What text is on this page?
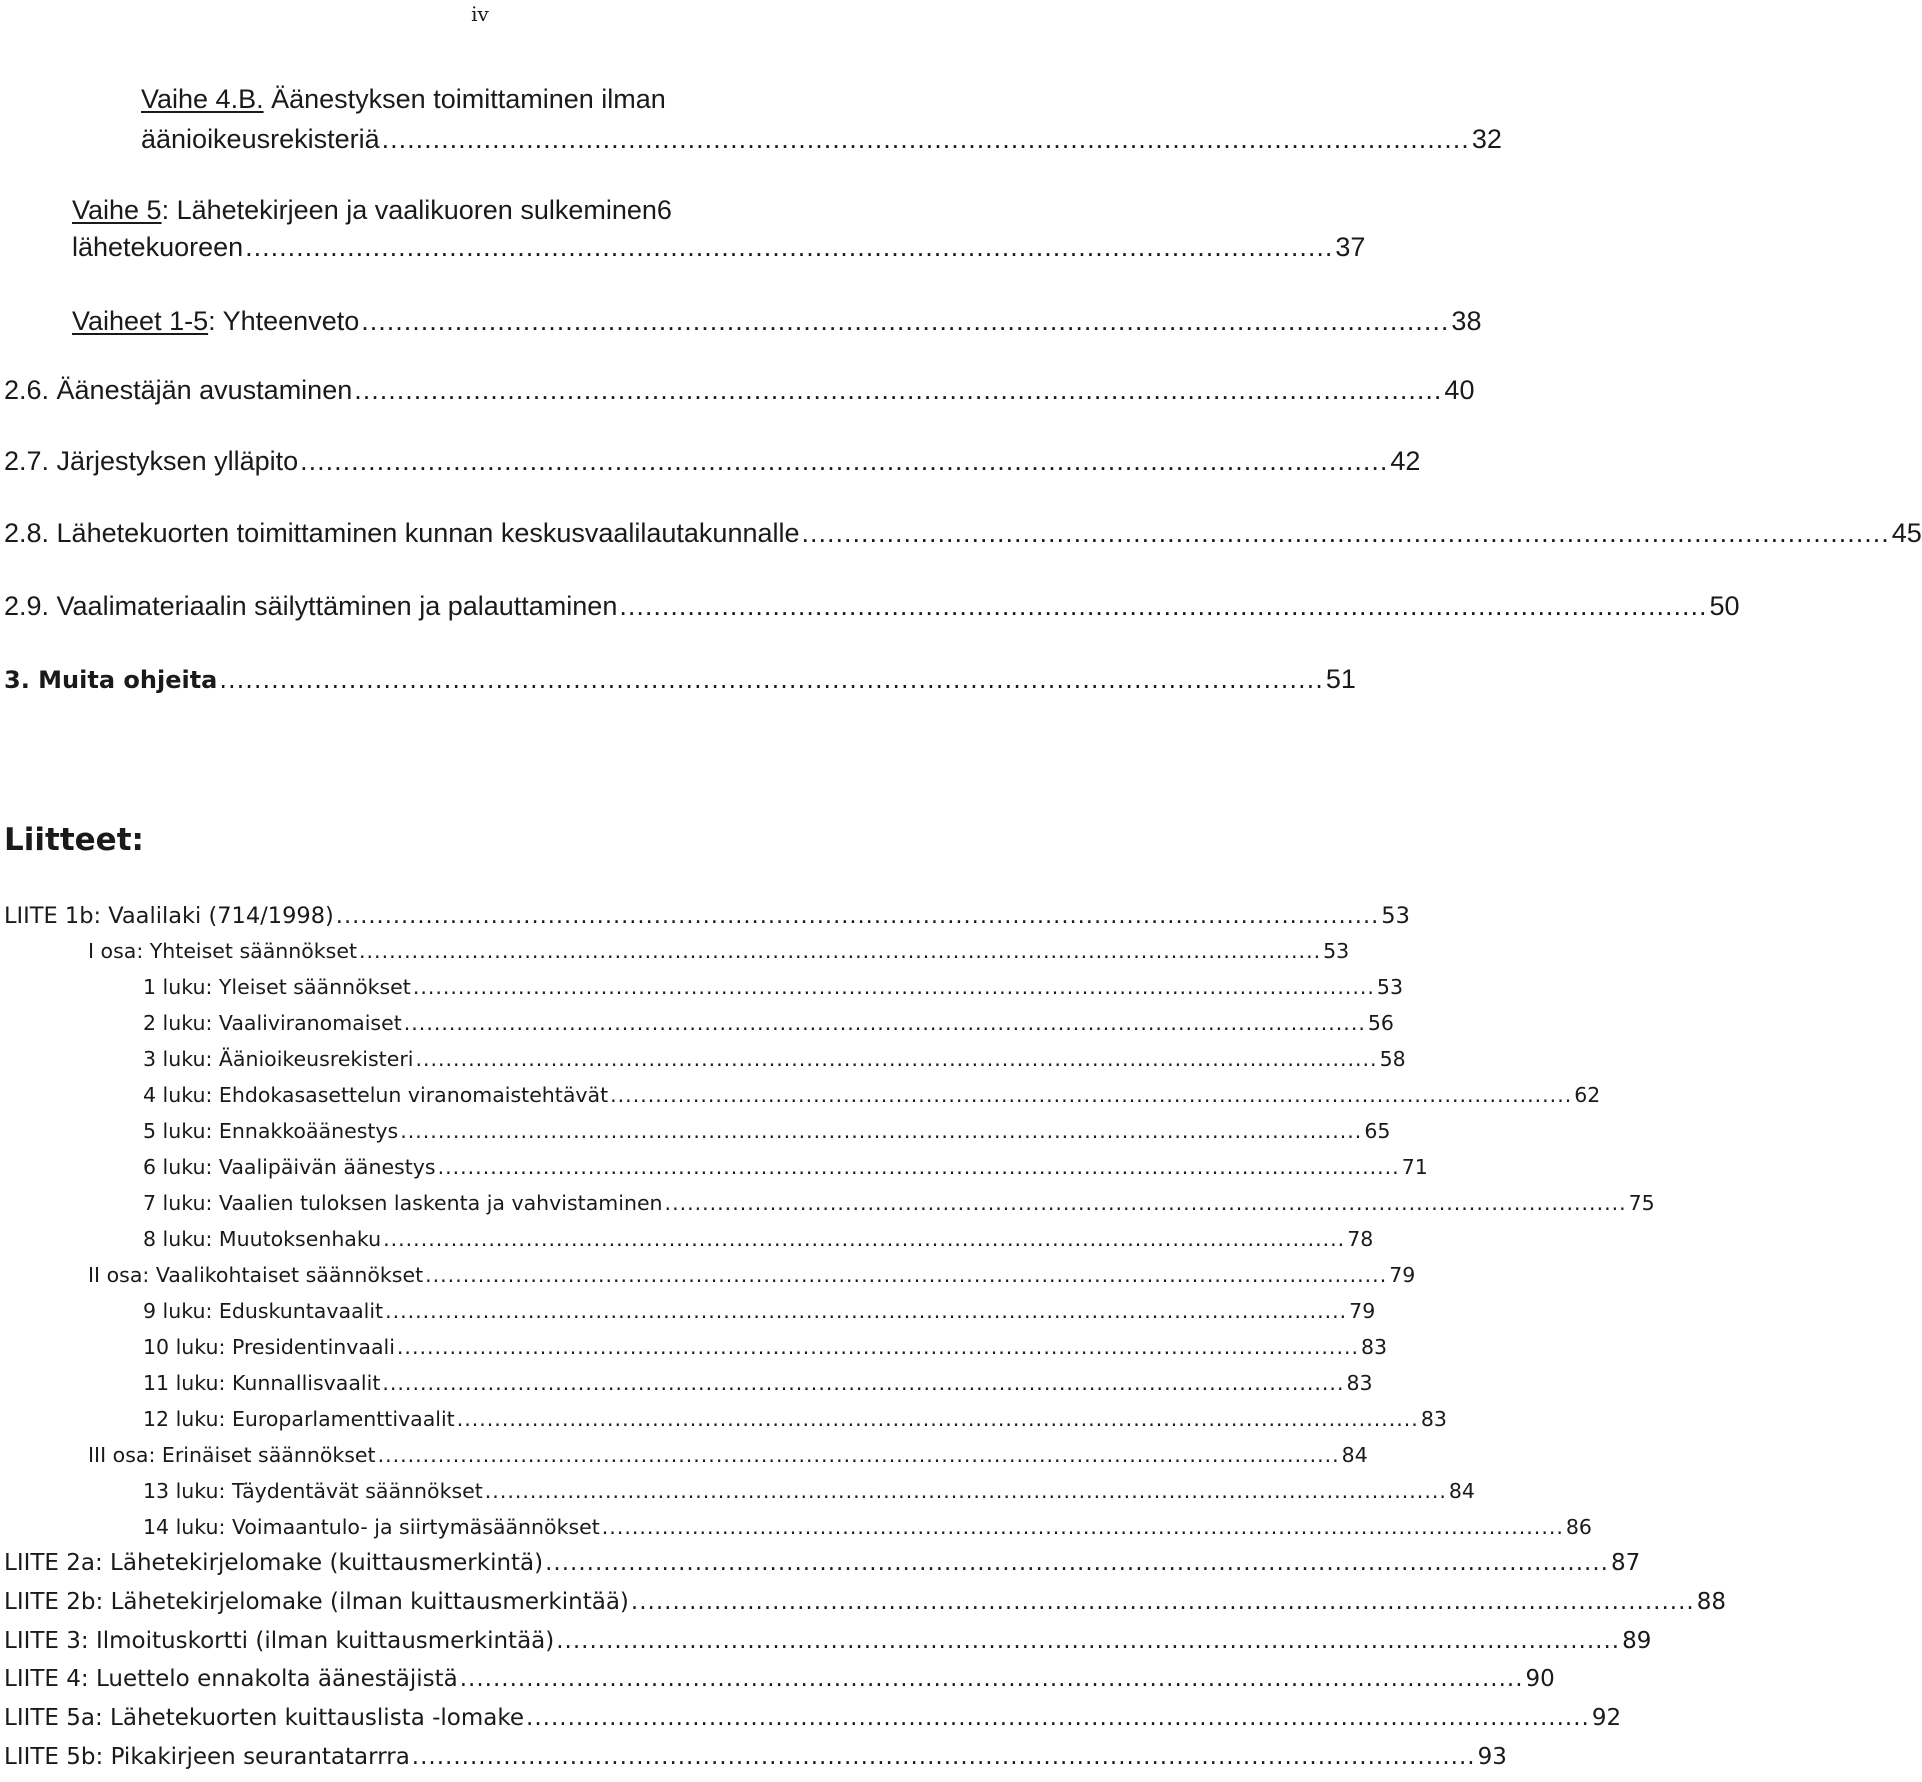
iv
Vaihe 4.B. Äänestyksen toimittaminen ilman
äänioikeusrekisteriä ................................................................................................................................ 32
Vaihe 5: Lähetekirjeen ja vaalikuoren sulkeminen6
lähetekuoreen ................................................................................................................................ 37
Vaiheet 1-5: Yhteenveto ................................................................................................................................ 38
2.6. Äänestäjän avustaminen ................................................................................................................................ 40
2.7. Järjestyksen ylläpito ................................................................................................................................ 42
2.8. Lähetekuorten toimittaminen kunnan keskusvaalilautakunnalle ................................................................................................................................ 45
2.9. Vaalimateriaalin säilyttäminen ja palauttaminen ................................................................................................................................ 50
3. Muita ohjeita ................................................................................................................................ 51
Liitteet:
LIITE 1b: Vaalilaki (714/1998) ................................................................................................................................ 53
I osa: Yhteiset säännökset ................................................................................................................................ 53
1 luku: Yleiset säännökset ................................................................................................................................ 53
2 luku: Vaaliviranomaiset ................................................................................................................................ 56
3 luku: Äänioikeusrekisteri ................................................................................................................................ 58
4 luku: Ehdokasasettelun viranomaistehtävät ................................................................................................................................ 62
5 luku: Ennakkoäänestys ................................................................................................................................ 65
6 luku: Vaalipäivän äänestys ................................................................................................................................ 71
7 luku: Vaalien tuloksen laskenta ja vahvistaminen ................................................................................................................................ 75
8 luku: Muutoksenhaku ................................................................................................................................ 78
II osa: Vaalikohtaiset säännökset ................................................................................................................................ 79
9 luku: Eduskuntavaalit ................................................................................................................................ 79
10 luku: Presidentinvaali ................................................................................................................................ 83
11 luku: Kunnallisvaalit ................................................................................................................................ 83
12 luku: Europarlamenttivaalit ................................................................................................................................ 83
III osa: Erinäiset säännökset ................................................................................................................................ 84
13 luku: Täydentävät säännökset ................................................................................................................................ 84
14 luku: Voimaantulo- ja siirtymäsäännökset ................................................................................................................................ 86
LIITE 2a: Lähetekirjelomake (kuittausmerkintä) ................................................................................................................................ 87
LIITE 2b: Lähetekirjelomake (ilman kuittausmerkintää) ................................................................................................................................ 88
LIITE 3: Ilmoituskortti (ilman kuittausmerkintää) ................................................................................................................................ 89
LIITE 4: Luettelo ennakolta äänestäjistä ................................................................................................................................ 90
LIITE 5a: Lähetekuorten kuittauslista -lomake ................................................................................................................................ 92
LIITE 5b: Pikakirjeen seurantatarrra ................................................................................................................................ 93
